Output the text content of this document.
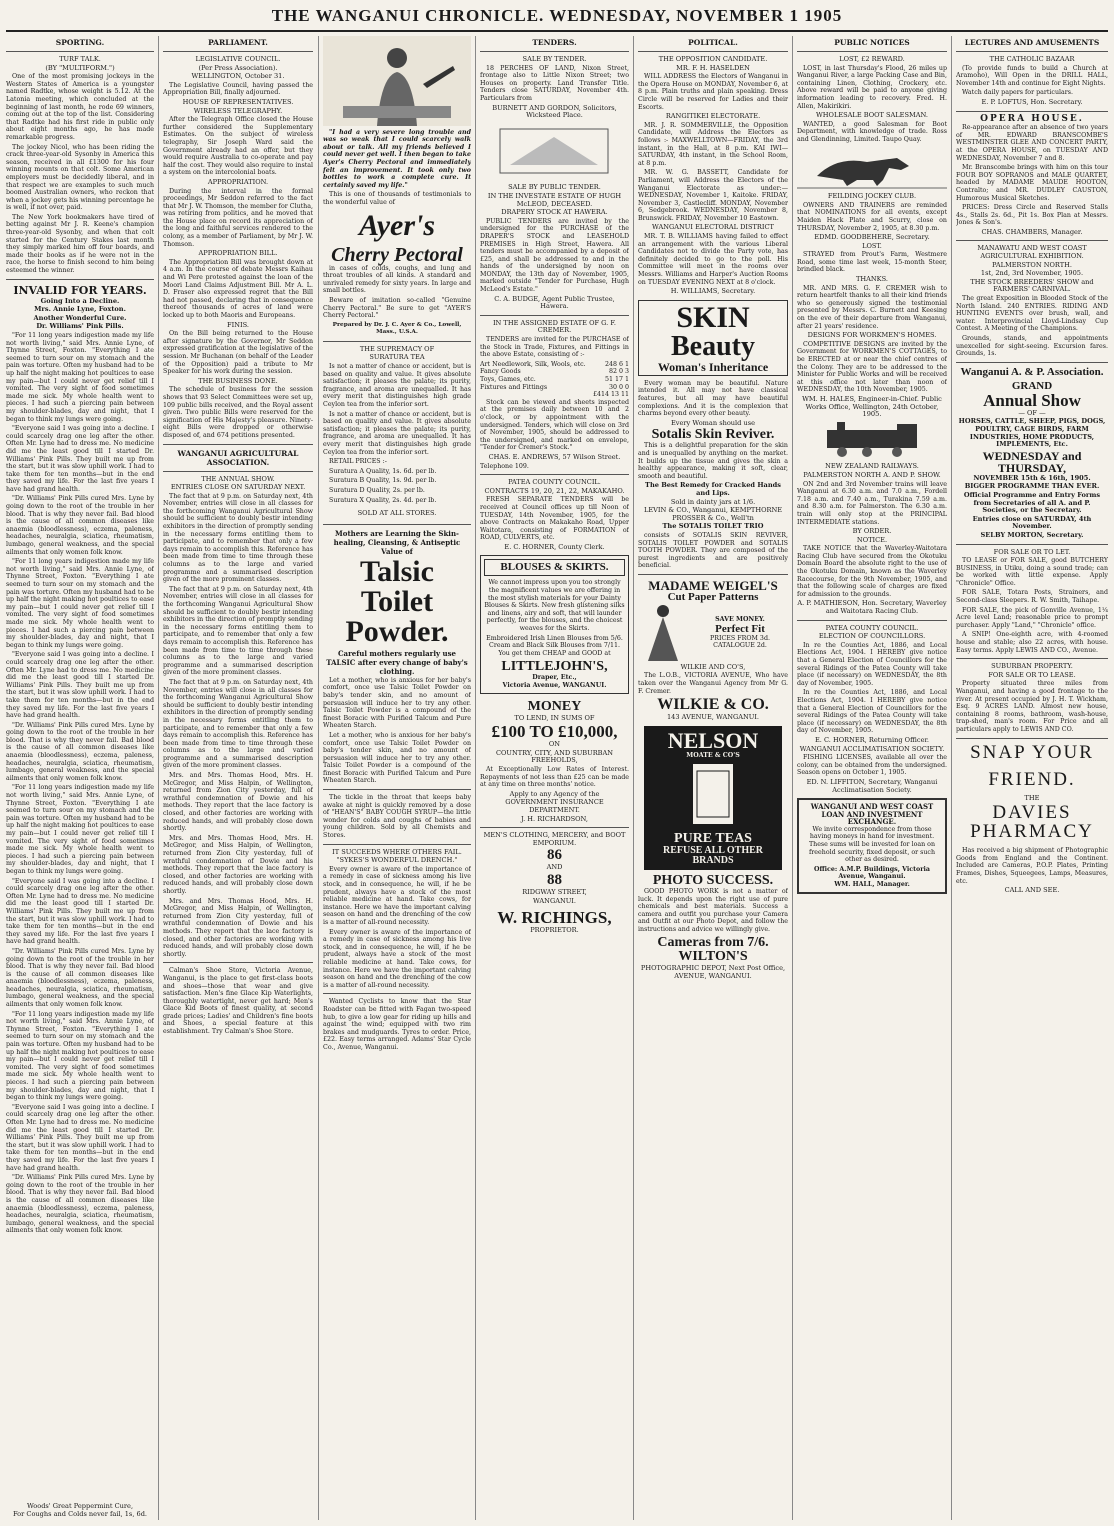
THE WANGANUI CHRONICLE. WEDNESDAY, NOVEMBER 1 1905
SPORTING.
TURF TALK.
(BY "MULTIFORM.")

One of the most promising jockeys in the Western States of America is a youngster named Radtke, whose weight is 5.12. At the Latonia meeting, which concluded at the beginning of last month, he rode 69 winners, coming out at the top of the list. Considering that Radtke had his first ride in public only about eight months ago, he has made remarkable progress.

The jockey Nicol, who has been riding the crack three-year-old Sysonby in America this season, received in all £1300 for his four winning mounts on that colt. Some American employers must be decidedly liberal, and in that respect we are examples to such much boomed Australian owners, who reckon that when a jockey gets his winning percentage he is well, if not over, paid.

The New York bookmakers have tired of betting against Mr J. R. Keene's champion three-year-old Sysonby, and when that colt started for the Century Stakes last month they simply marked him off four boards, and made their books as if he were not in the race, the horse to finish second to him being esteemed the winner.

INVALID FOR YEARS.
Going Into a Decline.
Mrs. Annie Lyne, Foxton.
Another Wonderful Cure.
Dr. Williams' Pink Pills.

"For 11 long years indigestion made my life not worth living," said Mrs. Annie Lyne, of Thynne Street, Foxton. "Everything I ate seemed to turn sour on my stomach and the pain was torture. Often my husband had to be up half the night making hot poultices to ease my pain—but I could never get relief till I vomited. The very sight of food sometimes made me sick. My whole health went to pieces. I had such a piercing pain between my shoulder-blades, day and night, that I began to think my lungs were going.

"Everyone said I was going into a decline. I could scarcely drag one leg after the other. Often Mr. Lyne had to dress me. No medicine did me the least good till I started Dr. Williams' Pink Pills. They built me up from the start, but it was slow uphill work. I had to take them for ten months—but in the end they saved my life. For the last five years I have had grand health.

"Dr. Williams' Pink Pills cured Mrs. Lyne by going down to the root of the trouble in her blood. That is why they never fail. Bad blood is the cause of all common diseases like anaemia (bloodlessness), eczema, paleness, headaches, neuralgia, sciatica, rheumatism, lumbago, general weakness, and the special ailments that only women folk know.

"For 11 long years indigestion made my life not worth living," said Mrs. Annie Lyne, of Thynne Street, Foxton. "Everything I ate seemed to turn sour on my stomach and the pain was torture. Often my husband had to be up half the night making hot poultices to ease my pain—but I could never get relief till I vomited. The very sight of food sometimes made me sick. My whole health went to pieces. I had such a piercing pain between my shoulder-blades, day and night, that I began to think my lungs were going.

"Everyone said I was going into a decline. I could scarcely drag one leg after the other. Often Mr. Lyne had to dress me. No medicine did me the least good till I started Dr. Williams' Pink Pills. They built me up from the start, but it was slow uphill work. I had to take them for ten months—but in the end they saved my life. For the last five years I have had grand health.

"Dr. Williams' Pink Pills cured Mrs. Lyne by going down to the root of the trouble in her blood. That is why they never fail. Bad blood is the cause of all common diseases like anaemia (bloodlessness), eczema, paleness, headaches, neuralgia, sciatica, rheumatism, lumbago, general weakness, and the special ailments that only women folk know.

"For 11 long years indigestion made my life not worth living," said Mrs. Annie Lyne, of Thynne Street, Foxton. "Everything I ate seemed to turn sour on my stomach and the pain was torture. Often my husband had to be up half the night making hot poultices to ease my pain—but I could never get relief till I vomited. The very sight of food sometimes made me sick. My whole health went to pieces. I had such a piercing pain between my shoulder-blades, day and night, that I began to think my lungs were going.

"Everyone said I was going into a decline. I could scarcely drag one leg after the other. Often Mr. Lyne had to dress me. No medicine did me the least good till I started Dr. Williams' Pink Pills. They built me up from the start, but it was slow uphill work. I had to take them for ten months—but in the end they saved my life. For the last five years I have had grand health.

"Dr. Williams' Pink Pills cured Mrs. Lyne by going down to the root of the trouble in her blood. That is why they never fail. Bad blood is the cause of all common diseases like anaemia (bloodlessness), eczema, paleness, headaches, neuralgia, sciatica, rheumatism, lumbago, general weakness, and the special ailments that only women folk know.

"For 11 long years indigestion made my life not worth living," said Mrs. Annie Lyne, of Thynne Street, Foxton. "Everything I ate seemed to turn sour on my stomach and the pain was torture. Often my husband had to be up half the night making hot poultices to ease my pain—but I could never get relief till I vomited. The very sight of food sometimes made me sick. My whole health went to pieces. I had such a piercing pain between my shoulder-blades, day and night, that I began to think my lungs were going.

"Everyone said I was going into a decline. I could scarcely drag one leg after the other. Often Mr. Lyne had to dress me. No medicine did me the least good till I started Dr. Williams' Pink Pills. They built me up from the start, but it was slow uphill work. I had to take them for ten months—but in the end they saved my life. For the last five years I have had grand health.

"Dr. Williams' Pink Pills cured Mrs. Lyne by going down to the root of the trouble in her blood. That is why they never fail. Bad blood is the cause of all common diseases like anaemia (bloodlessness), eczema, paleness, headaches, neuralgia, sciatica, rheumatism, lumbago, general weakness, and the special ailments that only women folk know.

Woods' Great Peppermint Cure,
For Coughs and Colds never fail, 1s, 6d.
PARLIAMENT.
LEGISLATIVE COUNCIL.
(Per Press Association).
WELLINGTON, October 31.

The Legislative Council, having passed the Appropriation Bill, finally adjourned.

HOUSE OF REPRESENTATIVES.
WIRELESS TELEGRAPHY.

After the Telegraph Office closed the House further considered the Supplementary Estimates. On the subject of wireless telegraphy, Sir Joseph Ward said the Government already had an offer, but they would require Australia to co-operate and pay half the cost. They would also require to instal a system on the intercolonial boats.

APPROPRIATION.

During the interval in the formal proceedings, Mr Seddon referred to the fact that Mr J. W. Thomson, the member for Clutha, was retiring from politics, and he moved that the House place on record its appreciation of the long and faithful services rendered to the colony, as a member of Parliament, by Mr J. W. Thomson.

APPROPRIATION BILL.

The Appropriation Bill was brought down at 4 a.m. In the course of debate Messrs Kaihau and Wi Pere protested against the loan of the Moori Land Claims Adjustment Bill. Mr A. L. D. Fraser also expressed regret that the Bill had not passed, declaring that in consequence thereof thousands of acres of land were locked up to both Maoris and Europeans.

FINIS.

On the Bill being returned to the House after signature by the Governor, Mr Seddon expressed gratification at the legislative of the session. Mr Buchanan (on behalf of the Leader of the Opposition) paid a tribute to Mr Speaker for his work during the session.

THE BUSINESS DONE.

The schedule of business for the session shows that 93 Select Committees were set up, 109 public bills received, and the Royal assent given. Two public Bills were reserved for the signification of His Majesty's pleasure. Ninety-eight Bills were dropped or otherwise disposed of, and 674 petitions presented.

WANGANUI AGRICULTURAL ASSOCIATION.
THE ANNUAL SHOW.
ENTRIES CLOSE ON SATURDAY NEXT.

The fact that at 9 p.m. on Saturday next, 4th November, entries will close in all classes for the forthcoming Wanganui Agricultural Show should be sufficient to doubly bestir intending exhibitors in the direction of promptly sending in the necessary forms entitling them to participate, and to remember that only a few days remain to accomplish this. Reference has been made from time to time through these columns as to the large and varied programme and a summarised description given of the more prominent classes.

The fact that at 9 p.m. on Saturday next, 4th November, entries will close in all classes for the forthcoming Wanganui Agricultural Show should be sufficient to doubly bestir intending exhibitors in the direction of promptly sending in the necessary forms entitling them to participate, and to remember that only a few days remain to accomplish this. Reference has been made from time to time through these columns as to the large and varied programme and a summarised description given of the more prominent classes.

The fact that at 9 p.m. on Saturday next, 4th November, entries will close in all classes for the forthcoming Wanganui Agricultural Show should be sufficient to doubly bestir intending exhibitors in the direction of promptly sending in the necessary forms entitling them to participate, and to remember that only a few days remain to accomplish this. Reference has been made from time to time through these columns as to the large and varied programme and a summarised description given of the more prominent classes.

Mrs. and Mrs. Thomas Hood, Mrs. H. McGregor, and Miss Halpin, of Wellington, returned from Zion City yesterday, full of wrathful condemnation of Dowie and his methods. They report that the lace factory is closed, and other factories are working with reduced hands, and will probably close down shortly.

Mrs. and Mrs. Thomas Hood, Mrs. H. McGregor, and Miss Halpin, of Wellington, returned from Zion City yesterday, full of wrathful condemnation of Dowie and his methods. They report that the lace factory is closed, and other factories are working with reduced hands, and will probably close down shortly.

Mrs. and Mrs. Thomas Hood, Mrs. H. McGregor, and Miss Halpin, of Wellington, returned from Zion City yesterday, full of wrathful condemnation of Dowie and his methods. They report that the lace factory is closed, and other factories are working with reduced hands, and will probably close down shortly.

Calman's Shoe Store, Victoria Avenue, Wanganui, is the place to get first-class boots and shoes—those that wear and give satisfaction. Men's fine Glace Kip Waterlights, thoroughly watertight, never get hard; Men's Glace Kid Boots of finest quality, at second grade prices; Ladies' and Children's fine boots and Shoes, a special feature at this establishment. Try Calman's Shoe Store.

"I had a very severe long trouble and was so weak that I could scarcely walk about or talk. All my friends believed I could never get well. I then began to take Ayer's Cherry Pectoral and immediately felt an improvement. It took only two bottles to work a complete cure. It certainly saved my life."

This is one of thousands of testimonials to the wonderful value of

Ayer's
Cherry Pectoral

in cases of colds, coughs, and lung and throat troubles of all kinds. A standard and unrivaled remedy for sixty years. In large and small bottles.

Beware of imitation so-called "Genuine Cherry Pectoral." Be sure to get "AYER'S Cherry Pectoral."

Prepared by Dr. J. C. Ayer & Co., Lowell, Mass., U.S.A.
THE SUPREMACY OF
SURATURA TEA

Is not a matter of chance or accident, but is based on quality and value. It gives absolute satisfaction; it pleases the palate; its purity, fragrance, and aroma are unequalled. It has every merit that distinguishes high grade Ceylon tea from the inferior sort.

Is not a matter of chance or accident, but is based on quality and value. It gives absolute satisfaction; it pleases the palate; its purity, fragrance, and aroma are unequalled. It has every merit that distinguishes high grade Ceylon tea from the inferior sort.

RETAIL PRICES :-

Suratura A Quality, 1s. 6d. per lb.

Suratura B Quality, 1s. 9d. per lb.

Suratura D Quality, 2s. per lb.

Suratura X Quality, 2s. 4d. per lb.

SOLD AT ALL STORES.
Mothers are Learning the Skin-healing, Cleansing, & Antiseptic Value of
Talsic
Toilet
Powder.
Careful mothers regularly use TALSIC after every change of baby's clothing.

Let a mother, who is anxious for her baby's comfort, once use Talsic Toilet Powder on baby's tender skin, and no amount of persuasion will induce her to try any other. Talsic Toilet Powder is a compound of the finest Boracic with Purified Talcum and Pure Wheaten Starch.

Let a mother, who is anxious for her baby's comfort, once use Talsic Toilet Powder on baby's tender skin, and no amount of persuasion will induce her to try any other. Talsic Toilet Powder is a compound of the finest Boracic with Purified Talcum and Pure Wheaten Starch.

The tickle in the throat that keeps baby awake at night is quickly removed by a dose of "HEAN'S" BABY COUGH SYRUP—the little wonder for colds and coughs of babies and young children. Sold by all Chemists and Stores.

IT SUCCEEDS WHERE OTHERS FAIL.
"SYKES'S WONDERFUL DRENCH."

Every owner is aware of the importance of a remedy in case of sickness among his live stock, and in consequence, he will, if he be prudent, always have a stock of the most reliable medicine at hand. Take cows, for instance. Here we have the important calving season on hand and the drenching of the cow is a matter of all-round necessity.

Every owner is aware of the importance of a remedy in case of sickness among his live stock, and in consequence, he will, if he be prudent, always have a stock of the most reliable medicine at hand. Take cows, for instance. Here we have the important calving season on hand and the drenching of the cow is a matter of all-round necessity.

Wanted Cyclists to know that the Star Roadster can be fitted with Fagan two-speed hub, to give a low gear for riding up hills and against the wind; equipped with two rim brakes and mudguards. Tyres to order. Price, £22. Easy terms arranged. Adams' Star Cycle Co., Avenue, Wanganui.

TENDERS.
SALE BY TENDER.

18 PERCHES OF LAND, Nixon Street, frontage also to Little Nixon Street; two Houses on property. Land Transfer Title. Tenders close SATURDAY, November 4th. Particulars from

BURNETT AND GORDON, Solicitors, Wicksteed Place.
SALE BY PUBLIC TENDER.
IN THE INVESTATE ESTATE OF HUGH McLEOD, DECEASED.
DRAPERY STOCK AT HAWERA.

PUBLIC TENDERS are invited by the undersigned for the PURCHASE of the DRAPER'S STOCK and LEASEHOLD PREMISES in High Street, Hawera. All tenders must be accompanied by a deposit of £25, and shall be addressed to and in the hands of the undersigned by noon on MONDAY, the 13th day of November, 1905, marked outside "Tender for Purchase, Hugh McLeod's Estate."

C. A. BUDGE, Agent Public Trustee, Hawera.
IN THE ASSIGNED ESTATE OF G. F. CREMER.

TENDERS are invited for the PURCHASE of the Stock in Trade, Fixtures, and Fittings in the above Estate, consisting of :-

Art Needlework, Silk, Wools, etc.	248 6 1
Fancy Goods	82 0 3
Toys, Games, etc.	51 17 1
Fixtures and Fittings	30 0 0
£414 13 11

Stock can be viewed and sheets inspected at the premises daily between 10 and 2 o'clock, or by appointment with the undersigned. Tenders, which will close on 3rd of November, 1905, should be addressed to the undersigned, and marked on envelope, "Tender for Cremer's Stock."

CHAS. E. ANDREWS, 57 Wilson Street.
Telephone 109.
PATEA COUNTY COUNCIL.
CONTRACTS 19, 20, 21, 22, MAKAKAHO.

FRESH SEPARATE TENDERS will be received at Council offices up till Noon of TUESDAY, 14th November, 1905, for the above Contracts on Makakaho Road, Upper Waitotara, consisting of FORMATION of ROAD, CULVERTS, etc.

E. C. HORNER, County Clerk.
BLOUSES & SKIRTS.

We cannot impress upon you too strongly the magnificent values we are offering in the most stylish materials for your Dainty Blouses & Skirts. New fresh glistening silks and linens, airy and soft, that will launder perfectly, for the blouses, and the choicest weaves for the Skirts.

Embroidered Irish Linen Blouses from 5/6. Cream and Black Silk Blouses from 7/11. You get them CHEAP and GOOD at

LITTLEJOHN'S,
Draper, Etc.,
Victoria Avenue, WANGANUI.
MONEY
TO LEND, IN SUMS OF
£100 TO £10,000,
ON
COUNTRY, CITY, AND SUBURBAN FREEHOLDS,

At Exceptionally Low Rates of Interest. Repayments of not less than £25 can be made at any time on three months' notice.

Apply to any Agency of the
GOVERNMENT INSURANCE DEPARTMENT.
J. H. RICHARDSON,
MEN'S CLOTHING, MERCERY, and BOOT EMPORIUM.
86
AND
88
RIDGWAY STREET,
WANGANUI.
W. RICHINGS,
PROPRIETOR.
POLITICAL.
THE OPPOSITION CANDIDATE.
MR. F. H. HASELDEN

WILL ADDRESS the Electors of Wanganui in the Opera House on MONDAY, November 6, at 8 p.m. Plain truths and plain speaking. Dress Circle will be reserved for Ladies and their Escorts.

RANGITIKEI ELECTORATE.

MR. J. R. SOMMERVILLE, the Opposition Candidate, will Address the Electors as follows :- MAXWELLTOWN—FRIDAY, the 3rd instant, in the Hall, at 8 p.m. KAI IWI—SATURDAY, 4th instant, in the School Room, at 8 p.m.

MR. W. G. BASSETT, Candidate for Parliament, will Address the Electors of the Wanganui Electorate as under:— WEDNESDAY, November 1, Kaitoke. FRIDAY, November 3, Castlecliff. MONDAY, November 6, Sedgebrook. WEDNESDAY, November 8, Brunswick. FRIDAY, November 10 Eastown.

WANGANUI ELECTORAL DISTRICT

MR. T. B. WILLIAMS having failed to effect an arrangement with the various Liberal Candidates not to divide the Party vote, has definitely decided to go to the poll. His Committee will meet in the rooms over Messrs. Williams and Harper's Auction Rooms on TUESDAY EVENING NEXT at 8 o'clock.

H. WILLIAMS, Secretary.
SKIN
Beauty
Woman's Inheritance

Every woman may be beautiful. Nature intended it. All may not have classical features, but all may have beautiful complexions. And it is the complexion that charms beyond every other beauty.

Every Woman should use
Sotalis Skin Reviver.

This is a delightful preparation for the skin and is unequalled by anything on the market. It builds up the tissue and gives the skin a healthy appearance, making it soft, clear, smooth and beautiful.

The Best Remedy for Cracked Hands and Lips.
Sold in dainty jars at 1/6.
LEVIN & CO., Wanganui, KEMPTHORNE PROSSER & Co., Well'tn
The SOTALIS TOILET TRIO

consists of SOTALIS SKIN REVIVER, SOTALIS TOILET POWDER and SOTALIS TOOTH POWDER. They are composed of the purest ingredients and are positively beneficial.

MADAME WEIGEL'S
Cut Paper Patterns
SAVE MONEY.
Perfect Fit
PRICES FROM 3d. CATALOGUE 2d.
WILKIE AND CO'S,

The L.O.B., VICTORIA AVENUE, Who have taken over the Wanganui Agency from Mr G. F. Cremer.

WILKIE & CO.
143 AVENUE, WANGANUI.
NELSON
MOATE & CO'S
PURE TEAS
REFUSE ALL OTHER BRANDS
PHOTO SUCCESS.

GOOD PHOTO WORK is not a matter of luck. It depends upon the right use of pure chemicals and best materials. Success a camera and outfit you purchase your Camera and Outfit at our Photo Depot, and follow the instructions and advice we willingly give.

Cameras from 7/6.
WILTON'S
PHOTOGRAPHIC DEPOT, Next Post Office,
AVENUE, WANGANUI.
PUBLIC NOTICES
LOST, £2 REWARD.

LOST, in last Thursday's Flood, 26 miles up Wanganui River, a large Packing Case and Bin, containing Linen, Clothing, Crockery, etc. Above reward will be paid to anyone giving information leading to recovery. Fred. H. Allen, Makirikiri.

WHOLESALE BOOT SALESMAN.

WANTED, a good Salesman for Boot Department, with knowledge of trade. Ross and Glendinning, Limited. Taupo Quay.

FEILDING JOCKEY CLUB.

OWNERS AND TRAINERS are reminded that NOMINATIONS for all events, except Maiden Hack Plate and Scurry, close on THURSDAY, November 2, 1905, at 8.30 p.m.

EDMD. GOODBEHERE, Secretary.
LOST.

STRAYED from Prout's Farm, Westmere Road, some time last week, 15-month Steer, brindled black.

THANKS.

MR. AND MRS. G. F. CREMER wish to return heartfelt thanks to all their kind friends who so generously signed the testimonial presented by Messrs. C. Burnett and Keesing on the eve of their departure from Wanganui, after 21 years' residence.

DESIGNS FOR WORKMEN'S HOMES.

COMPETITIVE DESIGNS are invited by the Government for WORKMEN'S COTTAGES, to be ERECTED at or near the chief centres of the Colony. They are to be addressed to the Minister for Public Works and will be received at this office not later than noon of WEDNESDAY, the 10th November, 1905.

WM. H. HALES, Engineer-in-Chief. Public Works Office, Wellington, 24th October, 1905.
NEW ZEALAND RAILWAYS.
PALMERSTON NORTH A. AND P. SHOW.

ON 2nd and 3rd November trains will leave Wanganui at 6.30 a.m. and 7.0 a.m., Fordell 7.18 a.m. and 7.40 a.m., Turakina 7.59 a.m. and 8.30 a.m. for Palmerston. The 6.30 a.m. train will only stop at the PRINCIPAL INTERMEDIATE stations.

BY ORDER.
NOTICE.

TAKE NOTICE that the Waverley-Waitotara Racing Club have secured from the Okotuku Domain Board the absolute right to the use of the Okotuku Domain, known as the Waverley Racecourse, for the 9th November, 1905, and that the following scale of charges are fixed for admission to the grounds.

A. P. MATHIESON, Hon. Secretary, Waverley and Waitotara Racing Club.
PATEA COUNTY COUNCIL.
ELECTION OF COUNCILLORS.

In re the Counties Act, 1886, and Local Elections Act, 1904. I HEREBY give notice that a General Election of Councillors for the several Ridings of the Patea County will take place (if necessary) on WEDNESDAY, the 8th day of November, 1905.

In re the Counties Act, 1886, and Local Elections Act, 1904. I HEREBY give notice that a General Election of Councillors for the several Ridings of the Patea County will take place (if necessary) on WEDNESDAY, the 8th day of November, 1905.

E. C. HORNER, Returning Officer.
WANGANUI ACCLIMATISATION SOCIETY.

FISHING LICENSES, available all over the colony, can be obtained from the undersigned. Season opens on October 1, 1905.

ED. N. LIFFITON, Secretary, Wanganui Acclimatisation Society.
WANGANUI AND WEST COAST LOAN AND INVESTMENT EXCHANGE.

We invite correspondence from those having moneys in hand for investment. These sums will be invested for loan on freehold security, fixed deposit, or such other as desired.

Office: A.M.P. Buildings, Victoria Avenue, Wanganui.
WM. HALL, Manager.
LECTURES AND AMUSEMENTS
THE CATHOLIC BAZAAR

(To provide funds to build a Church at Aramoho), Will Open in the DRILL HALL, November 14th and continue for Eight Nights.

Watch daily papers for particulars.

E. P. LOFTUS, Hon. Secretary.
OPERA HOUSE.

Re-appearance after an absence of two years of MR. EDWARD BRANSCOMBE'S WESTMINSTER GLEE AND CONCERT PARTY, at the OPERA HOUSE, on TUESDAY AND WEDNESDAY, November 7 and 8.

Mr. Branscombe brings with him on this tour FOUR BOY SOPRANOS and MALE QUARTET, headed by MADAME MAUDE HOOTON, Contralto; and MR. DUDLEY CAUSTON, Humorous Musical Sketches.

PRICES: Dress Circle and Reserved Stalls 4s., Stalls 2s. 6d., Pit 1s. Box Plan at Messrs. Jones & Son's.

CHAS. CHAMBERS, Manager.
MANAWATU AND WEST COAST AGRICULTURAL EXHIBITION.
PALMERSTON NORTH.
1st, 2nd, 3rd November, 1905.
THE STOCK BREEDERS' SHOW and FARMERS' CARNIVAL.

The great Exposition in Blooded Stock of the North Island. 240 ENTRIES. RIDING AND HUNTING EVENTS over brush, wall, and water. Interprovincial Lloyd-Lindsay Cup Contest. A Meeting of the Champions.

Grounds, stands, and appointments unexcelled for sight-seeing. Excursion fares. Grounds, 1s.

Wanganui A. & P. Association.
GRAND
Annual Show
— OF —
HORSES, CATTLE, SHEEP, PIGS, DOGS, POULTRY, CAGE BIRDS, FARM INDUSTRIES, HOME PRODUCTS, IMPLEMENTS, Etc.
WEDNESDAY and THURSDAY,
NOVEMBER 15th & 16th, 1905.
BIGGER PROGRAMME THAN EVER.
Official Programme and Entry Forms from Secretaries of all A. and P. Societies, or the Secretary.
Entries close on SATURDAY, 4th November.
SELBY MORTON, Secretary.
FOR SALE OR TO LET.

TO LEASE or FOR SALE, good BUTCHERY BUSINESS, in Utiku, doing a sound trade; can be worked with little expense. Apply "Chronicle" Office.

FOR SALE, Totara Posts, Strainers, and Second-class Sleepers. R. W. Smith, Taihape.

FOR SALE, the pick of Gonville Avenue, 1¼ Acre level Land; reasonable price to prompt purchaser. Apply "Land," "Chronicle" office.

A SNIP! One-eighth acre, with 4-roomed house and stable; also 22 acres, with house. Easy terms. Apply LEWIS AND CO., Avenue.

SUBURBAN PROPERTY.
FOR SALE OR TO LEASE.

Property situated three miles from Wanganui, and having a good frontage to the river. At present occupied by J. H. T. Wickham, Esq. 9 ACRES LAND. Almost new house, containing 8 rooms, bathroom, wash-house, trap-shed, man's room. For Price and all particulars apply to LEWIS AND CO.

SNAP YOUR
FRIEND.
THE
DAVIES
PHARMACY

Has received a big shipment of Photographic Goods from England and the Continent. Included are Cameras, P.O.P. Plates, Printing Frames, Dishes, Squeegees, Lamps, Measures, etc.

CALL AND SEE.
